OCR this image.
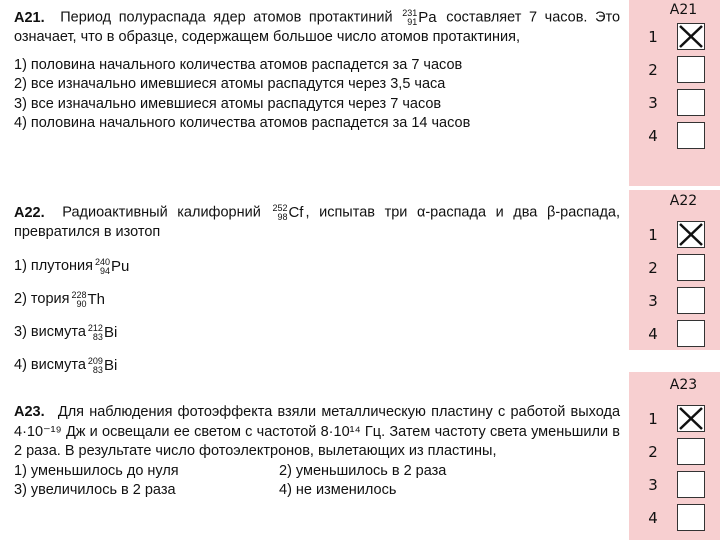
A21. Период полураспада ядер атомов протактиний 231
91 Pa составляет 7 часов. Это означает, что в образце, содержащем большое число атомов протактиния,
1) половина начального количества атомов распадется за 7 часов
2) все изначально имевшиеся атомы распадутся через 3,5 часа
3) все изначально имевшиеся атомы распадутся через 7 часов
4) половина начального количества атомов распадется за 14 часов
А22. Радиоактивный калифорний 252
98 Cf , испытав три α-распада и два β-распада, превратился в изотоп
1) плутония 240
94 Pu
2) тория 228
90 Th
3) висмута 212
83 Bi
4) висмута 209
83 Bi
А23. Для наблюдения фотоэффекта взяли металлическую пластину с работой выхода 4·10⁻¹⁹ Дж и освещали ее светом с частотой 8·10¹⁴ Гц. Затем частоту света уменьшили в 2 раза. В результате число фотоэлектронов, вылетающих из пластины,
1) уменьшилось до нуля	2) уменьшилось в 2 раза
3) увеличилось в 2 раза	4) не изменилось
A21
1
2
3
4
A22
1
2
3
4
A23
1
2
3
4
